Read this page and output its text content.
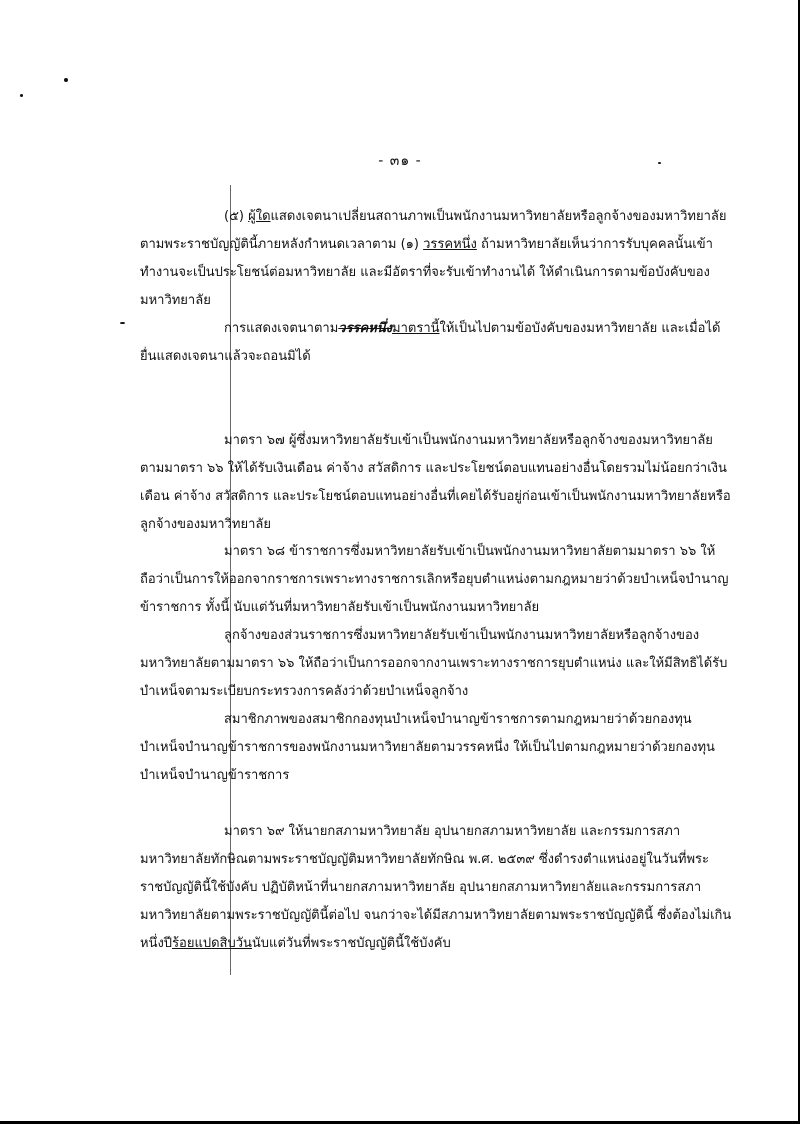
- ๓๑ -

(๕) ผู้ใดแสดงเจตนาเปลี่ยนสถานภาพเป็นพนักงานมหาวิทยาลัยหรือลูกจ้างของมหาวิทยาลัยตามพระราชบัญญัตินี้ภายหลังกำหนดเวลาตาม (๑) วรรคหนึ่ง ถ้ามหาวิทยาลัยเห็นว่าการรับบุคคลนั้นเข้าทำงานจะเป็นประโยชน์ต่อมหาวิทยาลัย และมีอัตราที่จะรับเข้าทำงานได้ ให้ดำเนินการตามข้อบังคับของมหาวิทยาลัย

การแสดงเจตนาตามวรรคหนึ่งมาตรานี้ให้เป็นไปตามข้อบังคับของมหาวิทยาลัย และเมื่อได้ยื่นแสดงเจตนาแล้วจะถอนมิได้

มาตรา ๖๗ ผู้ซึ่งมหาวิทยาลัยรับเข้าเป็นพนักงานมหาวิทยาลัยหรือลูกจ้างของมหาวิทยาลัยตามมาตรา ๖๖ ให้ได้รับเงินเดือน ค่าจ้าง สวัสดิการ และประโยชน์ตอบแทนอย่างอื่นโดยรวมไม่น้อยกว่าเงินเดือน ค่าจ้าง สวัสดิการ และประโยชน์ตอบแทนอย่างอื่นที่เคยได้รับอยู่ก่อนเข้าเป็นพนักงานมหาวิทยาลัยหรือลูกจ้างของมหาวิทยาลัย

มาตรา ๖๘ ข้าราชการซึ่งมหาวิทยาลัยรับเข้าเป็นพนักงานมหาวิทยาลัยตามมาตรา ๖๖ ให้ถือว่าเป็นการให้ออกจากราชการเพราะทางราชการเลิกหรือยุบตำแหน่งตามกฎหมายว่าด้วยบำเหน็จบำนาญข้าราชการ ทั้งนี้ นับแต่วันที่มหาวิทยาลัยรับเข้าเป็นพนักงานมหาวิทยาลัย

ลูกจ้างของส่วนราชการซึ่งมหาวิทยาลัยรับเข้าเป็นพนักงานมหาวิทยาลัยหรือลูกจ้างของมหาวิทยาลัยตามมาตรา ๖๖ ให้ถือว่าเป็นการออกจากงานเพราะทางราชการยุบตำแหน่ง และให้มีสิทธิได้รับบำเหน็จตามระเบียบกระทรวงการคลังว่าด้วยบำเหน็จลูกจ้าง

สมาชิกภาพของสมาชิกกองทุนบำเหน็จบำนาญข้าราชการตามกฎหมายว่าด้วยกองทุนบำเหน็จบำนาญข้าราชการของพนักงานมหาวิทยาลัยตามวรรคหนึ่ง ให้เป็นไปตามกฎหมายว่าด้วยกองทุนบำเหน็จบำนาญข้าราชการ

มาตรา ๖๙ ให้นายกสภามหาวิทยาลัย อุปนายกสภามหาวิทยาลัย และกรรมการสภามหาวิทยาลัยทักษิณตามพระราชบัญญัติมหาวิทยาลัยทักษิณ พ.ศ. ๒๕๓๙ ซึ่งดำรงตำแหน่งอยู่ในวันที่พระราชบัญญัตินี้ใช้บังคับ ปฏิบัติหน้าที่นายกสภามหาวิทยาลัย อุปนายกสภามหาวิทยาลัยและกรรมการสภามหาวิทยาลัยตามพระราชบัญญัตินี้ต่อไป จนกว่าจะได้มีสภามหาวิทยาลัยตามพระราชบัญญัตินี้ ซึ่งต้องไม่เกินหนึ่งปีร้อยแปดสิบวันนับแต่วันที่พระราชบัญญัตินี้ใช้บังคับ
